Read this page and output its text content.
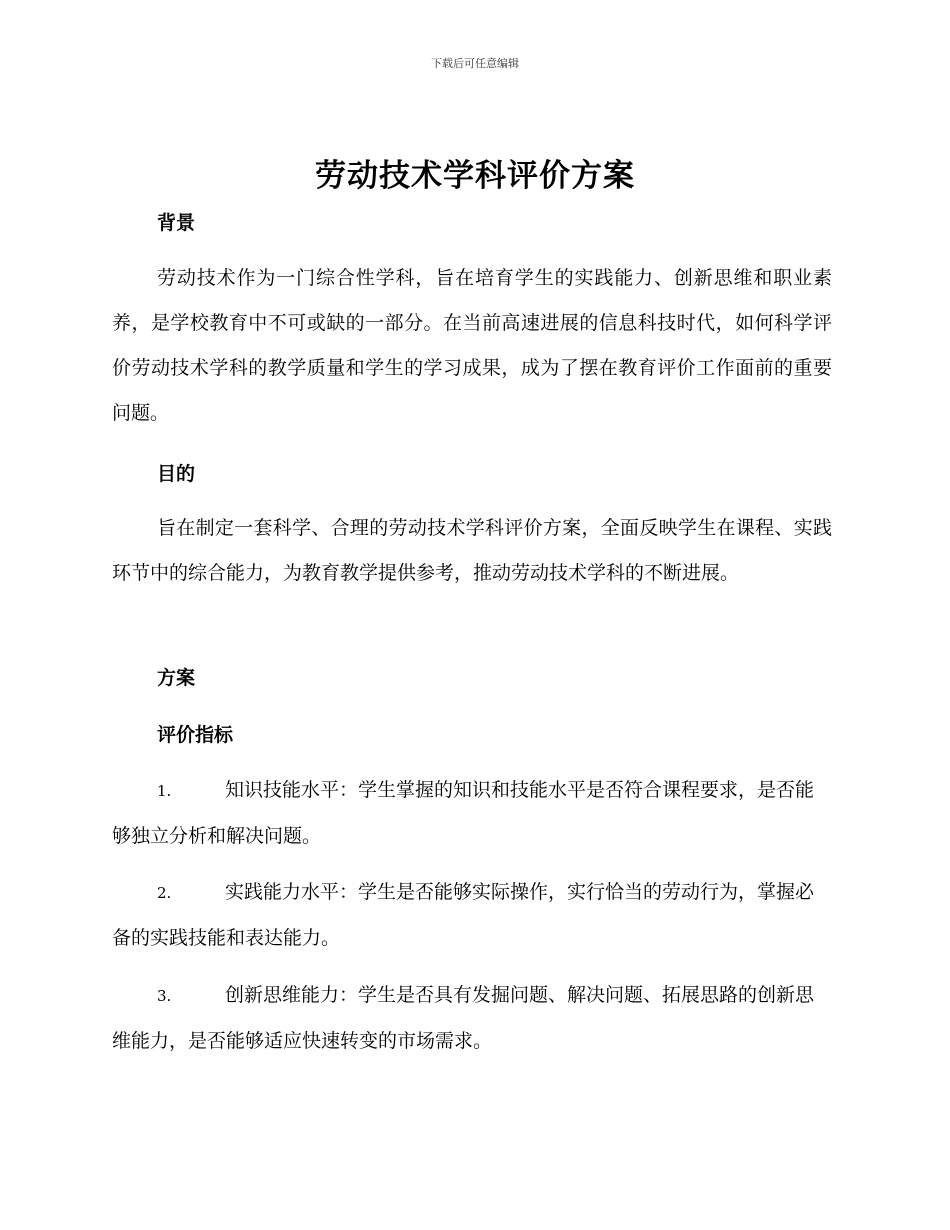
下载后可任意编辑
劳动技术学科评价方案
背景

劳动技术作为一门综合性学科，旨在培育学生的实践能力、创新思维和职业素养，是学校教育中不可或缺的一部分。在当前高速进展的信息科技时代，如何科学评价劳动技术学科的教学质量和学生的学习成果，成为了摆在教育评价工作面前的重要问题。

目的

旨在制定一套科学、合理的劳动技术学科评价方案，全面反映学生在课程、实践环节中的综合能力，为教育教学提供参考，推动劳动技术学科的不断进展。

方案
评价指标

1.	知识技能水平：学生掌握的知识和技能水平是否符合课程要求，是否能够独立分析和解决问题。

2.	实践能力水平：学生是否能够实际操作，实行恰当的劳动行为，掌握必备的实践技能和表达能力。

3.	创新思维能力：学生是否具有发掘问题、解决问题、拓展思路的创新思维能力，是否能够适应快速转变的市场需求。
